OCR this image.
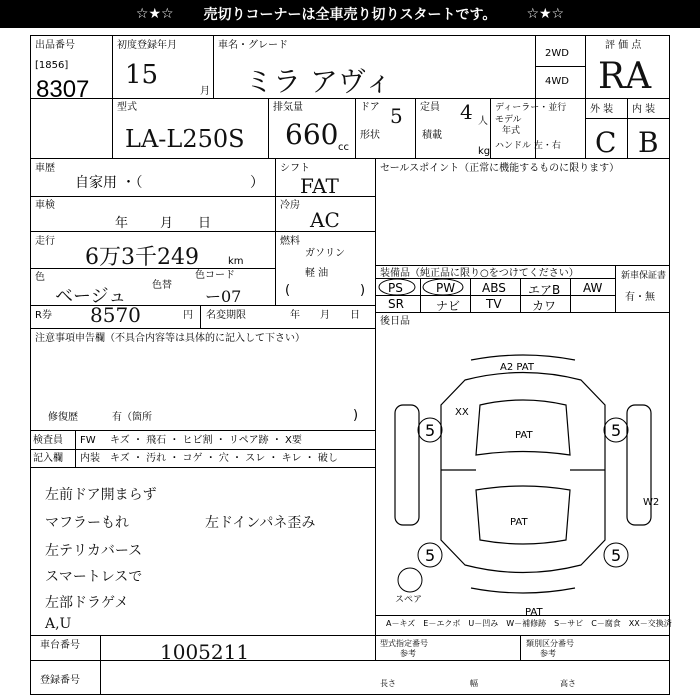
☆★☆ 売切りコーナーは全車売り切りスタートです。 ☆★☆
出品番号
[1856]
8307
初度登録年月
15
月
車名・グレード
ミラ アヴィ
2WD
4WD
評 価 点
RA
型式
LA-L250S
排気量
660 cc
ドア 5
形状
定員 4 人
積載
kg
ディーラー・並行
モデル
年式
ハンドル 左・右
外 装 内 装
C B
車歴
自家用 ・（	）
車検
年 月 日
走行
6万3千249	km
色
ベージュ
色替
色コード
ー07
シフト
FAT
冷房
AC
燃料
ガソリン
軽 油
(	)
セールスポイント（正常に機能するものに限ります）
装備品（純正品に限り○をつけてください）	新車保証書
有・無
PS	PW ABS エアB AW
SR	ナビ TV	カワ
後日品
R券 8570	円 名変期限	年 月 日
注意事項申告欄（不具合内容等は具体的に記入して下さい）
修復歴	有（箇所	)
検査員
記入欄
FW キズ ・ 飛石 ・ ヒビ割 ・ リペア跡 ・ X要
内装 キズ ・ 汚れ ・ コゲ ・ 穴 ・ スレ ・ キレ ・ 破し
左前ドア開まらず
マフラーもれ	左ドインパネ歪み
左テリカバース
スマートレスで
左部ドラゲメ
A,U
5	5
5	5
A2 PAT
PAT
PAT
PAT
W2
XX
スペア
A－キズ　E－エクボ　U－凹み　W－補修跡　S－サビ　C－腐食　XX－交換済
車台番号	1005211
登録番号
型式指定番号
参考
類別区分番号
参考
長さ	幅	高さ
